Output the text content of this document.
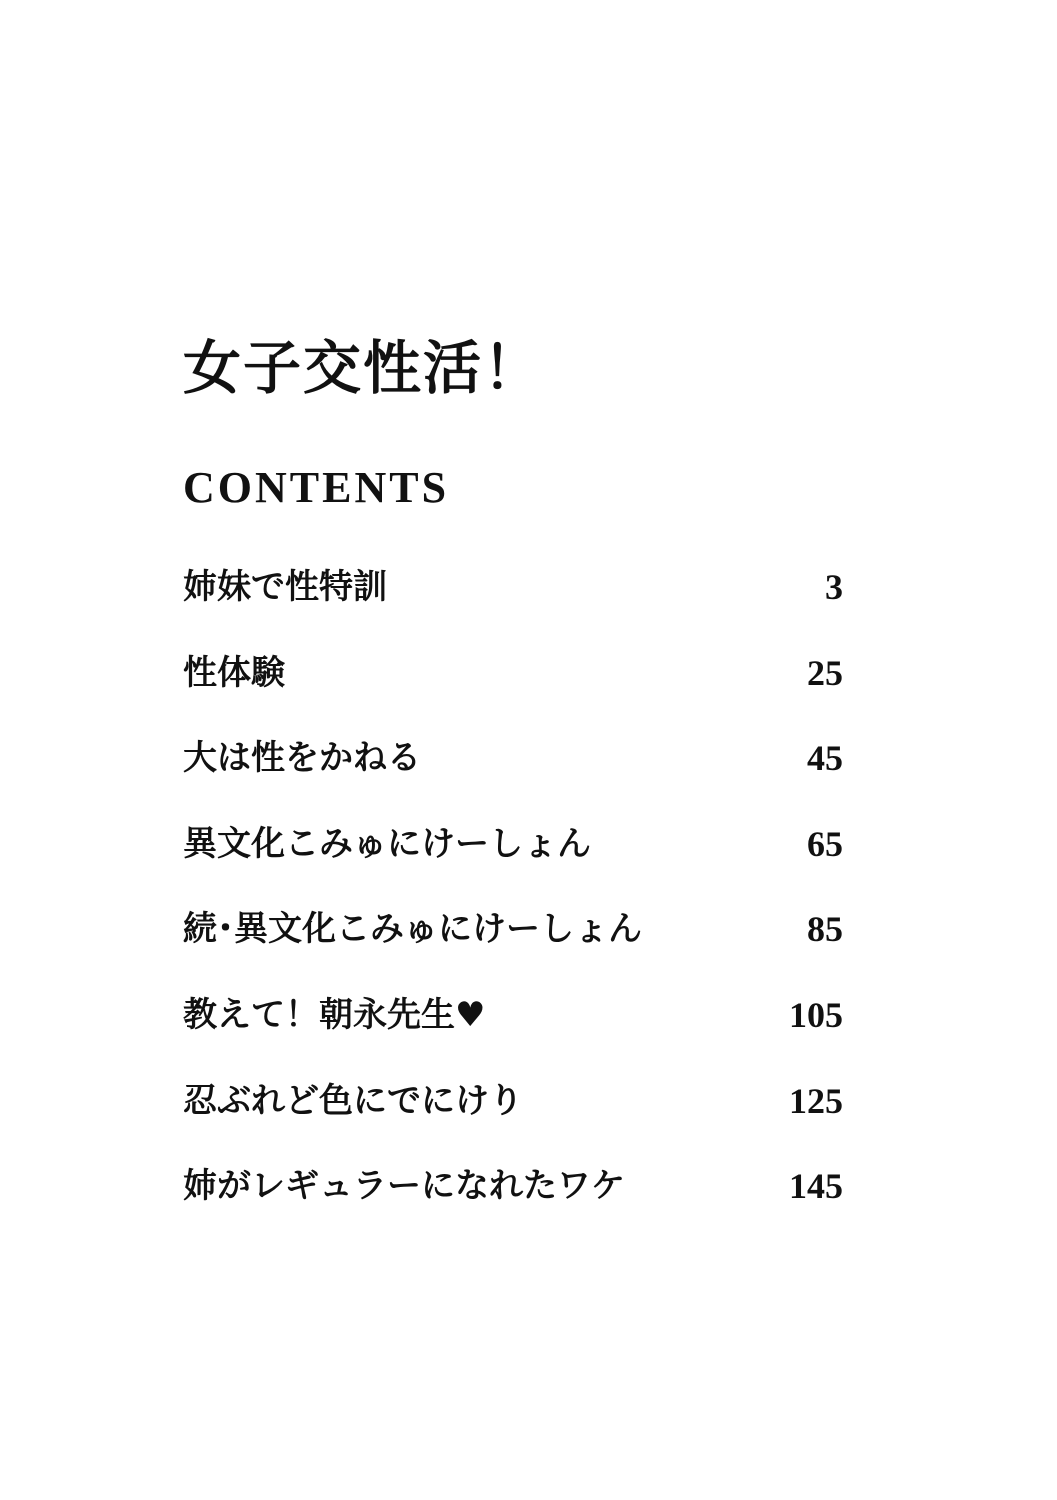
女子交性活！
CONTENTS
姉妹で性特訓	3
性体験	25
大は性をかねる	45
異文化こみゅにけーしょん	65
続･異文化こみゅにけーしょん	85
教えて！朝永先生♥	105
忍ぶれど色にでにけり	125
姉がレギュラーになれたワケ	145
